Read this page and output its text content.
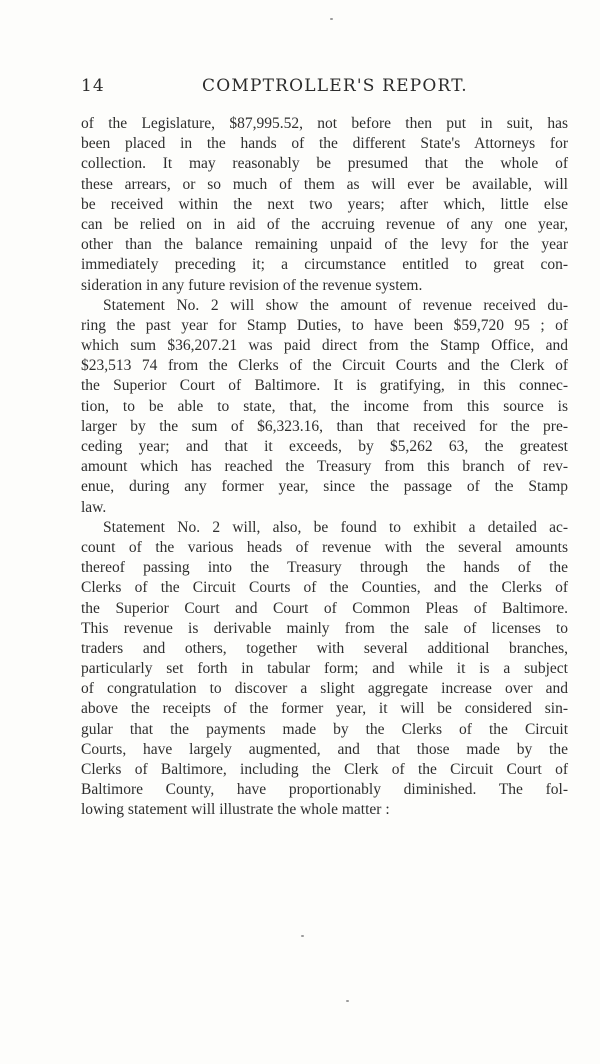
14	COMPTROLLER'S REPORT.
of the Legislature, $87,995.52, not before then put in suit, has
been placed in the hands of the different State's Attorneys for
collection. It may reasonably be presumed that the whole of
these arrears, or so much of them as will ever be available, will
be received within the next two years; after which, little else
can be relied on in aid of the accruing revenue of any one year,
other than the balance remaining unpaid of the levy for the year
immediately preceding it; a circumstance entitled to great con-
sideration in any future revision of the revenue system.
Statement No. 2 will show the amount of revenue received du-
ring the past year for Stamp Duties, to have been $59,720 95 ; of
which sum $36,207.21 was paid direct from the Stamp Office, and
$23,513 74 from the Clerks of the Circuit Courts and the Clerk of
the Superior Court of Baltimore. It is gratifying, in this connec-
tion, to be able to state, that, the income from this source is
larger by the sum of $6,323.16, than that received for the pre-
ceding year; and that it exceeds, by $5,262 63, the greatest
amount which has reached the Treasury from this branch of rev-
enue, during any former year, since the passage of the Stamp
law.
Statement No. 2 will, also, be found to exhibit a detailed ac-
count of the various heads of revenue with the several amounts
thereof passing into the Treasury through the hands of the
Clerks of the Circuit Courts of the Counties, and the Clerks of
the Superior Court and Court of Common Pleas of Baltimore.
This revenue is derivable mainly from the sale of licenses to
traders and others, together with several additional branches,
particularly set forth in tabular form; and while it is a subject
of congratulation to discover a slight aggregate increase over and
above the receipts of the former year, it will be considered sin-
gular that the payments made by the Clerks of the Circuit
Courts, have largely augmented, and that those made by the
Clerks of Baltimore, including the Clerk of the Circuit Court of
Baltimore County, have proportionably diminished. The fol-
lowing statement will illustrate the whole matter :
